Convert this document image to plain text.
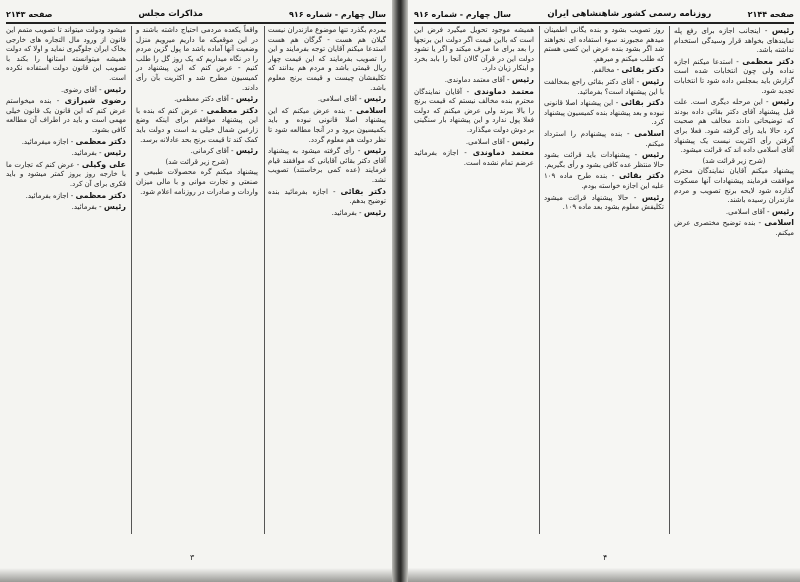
سال چهارم - شماره ۹۱۶
مذاکرات مجلس
صفحه ۲۱۴۳

بمردم بگذرد تنها موضوع مازندران نیست گیلان هم هست - گرگان هم هست استدعا میکنم آقایان توجه بفرمایند و این را تصویب بفرمایند که این قیمت چهار ریال قیمتی باشد و مردم هم بدانند که تکلیفشان چیست و قیمت برنج معلوم باشد.

رئیس - آقای اسلامی.

اسلامی - بنده عرض میکنم که این پیشنهاد اصلا قانونی نبوده و باید بکمیسیون برود و در آنجا مطالعه شود تا نظر دولت هم معلوم گردد.

رئیس - رأی گرفته میشود به پیشنهاد آقای دکتر بقائی آقایانی که موافقند قیام فرمایند (عده کمی برخاستند) تصویب نشد.

دکتر بقائی - اجازه بفرمائید بنده توضیح بدهم.

رئیس - بفرمائید.

واقعاً یکعده مردمی احتیاج داشته باشند و در این موقعیکه ما داریم میرویم منزل وضعیت آنها آماده باشد ما پول گزین مردم را در نگاه میداریم که یک روز گل را طلب کنیم - عرض کنم که این پیشنهاد در کمیسیون مطرح شد و اکثریت بآن رأی دادند.

رئیس - آقای دکتر معظمی.

دکتر معظمی - عرض کنم که بنده با این پیشنهاد موافقم برای اینکه وضع زارعین شمال خیلی بد است و دولت باید کمک کند تا قیمت برنج بحد عادلانه برسد.

رئیس - آقای کرمانی.

(شرح زیر قرائت شد)

پیشنهاد میکنم گره محصولات طبیعی و صنعتی و تجارت موانی و با مالی میزان واردات و صادرات در روزنامه اعلام شود.

میشود ودولت میتواند تا تصویب متمم این قانون از ورود مال التجاره های خارجی بخاک ایران جلوگیری نماید و اولا که دولت همیشه میتوانسته استانها را بکند با تصویب این قانون دولت استفاده نکرده است.

رئیس - آقای رضوی.

رضوی شیرازی - بنده میخواستم عرض کنم که این قانون یک قانون خیلی مهمی است و باید در اطراف آن مطالعه کافی بشود.

دکتر معظمی - اجازه میفرمائید.

رئیس - بفرمائید.

علی وکیلی - عرض کنم که تجارت ما با خارجه روز بروز کمتر میشود و باید فکری برای آن کرد.

دکتر معظمی - اجازه بفرمائید.

رئیس - بفرمائید.

۳
صفحه ۲۱۴۴
روزنامه رسمی کشور شاهنشاهی ایران
سال چهارم - شماره ۹۱۶

همیشه موجود تحویل میگیرد فرض این است که بااین قیمت اگر دولت این برنجها را بعد برای ما صرف میکند و اگر یا نشود دولت این در قرآن گالان آنجا را بابد بخرد و اینکار زیان دارد.

رئیس - آقای معتمد دماوندی.

معتمد دماوندی - آقایان نمایندگان محترم بنده مخالف نیستم که قیمت برنج را بالا ببرند ولی عرض میکنم که دولت فعلا پول ندارد و این پیشنهاد بار سنگینی بر دوش دولت میگذارد.

رئیس - آقای اسلامی.

معتمد دماوندی - اجازه بفرمائید عرضم تمام نشده است.

روز تصویب بشود و بنده یگانی اطمینان میدهم مجبورند سوء استفاده ای نخواهند شد اگر بشود بنده عرض این کسی هستم که طلب میکنم و میرهم.

دکتر بقائی - مخالفم.

رئیس - آقای دکتر بقائی راجع بمخالفت با این پیشنهاد است؟ بفرمائید.

دکتر بقائی - این پیشنهاد اصلا قانونی نبوده و بعد پیشنهاد بنده کمیسیون پیشنهاد کرد.

اسلامی - بنده پیشنهادم را استرداد میکنم.

رئیس - پیشنهادات باید قرائت بشود حالا منتظر عده کافی بشود و رأی بگیریم.

دکتر بقائی - بنده طرح ماده ۱۰۹ علیه این اجازه خواسته بودم.

رئیس - حالا پیشنهاد قرائت میشود تکلیفش معلوم بشود بعد ماده ۱۰۹.

رئیس - اینجانب اجازه برای رفع پله نمایندهای بخواهد قرار وسیدگی استخدام نداشته باشد.

دکتر معظمی - استدعا میکنم اجازه نداده ولی چون انتخابات شده است گزارش باید بمجلس داده شود تا انتخابات تجدید شود.

رئیس - این مرحله دیگری است. علت قبل پیشنهاد آقای دکتر بقائی داده بودند که توضیحاتی دادند مخالف هم صحبت کرد حالا باید رأی گرفته شود. فعلا برای گرفتن رأی اکثریت نیست یک پیشنهاد آقای اسلامی داده اند که قرائت میشود.

(شرح زیر قرائت شد)

پیشنهاد میکنم آقایان نمایندگان محترم موافقت فرمایند پیشنهادات آنها مسکوت گذارده شود لایحه برنج تصویب و مردم مازندران رسیده باشند.

رئیس - آقای اسلامی.

اسلامی - بنده توضیح مختصری عرض میکنم.

۴
